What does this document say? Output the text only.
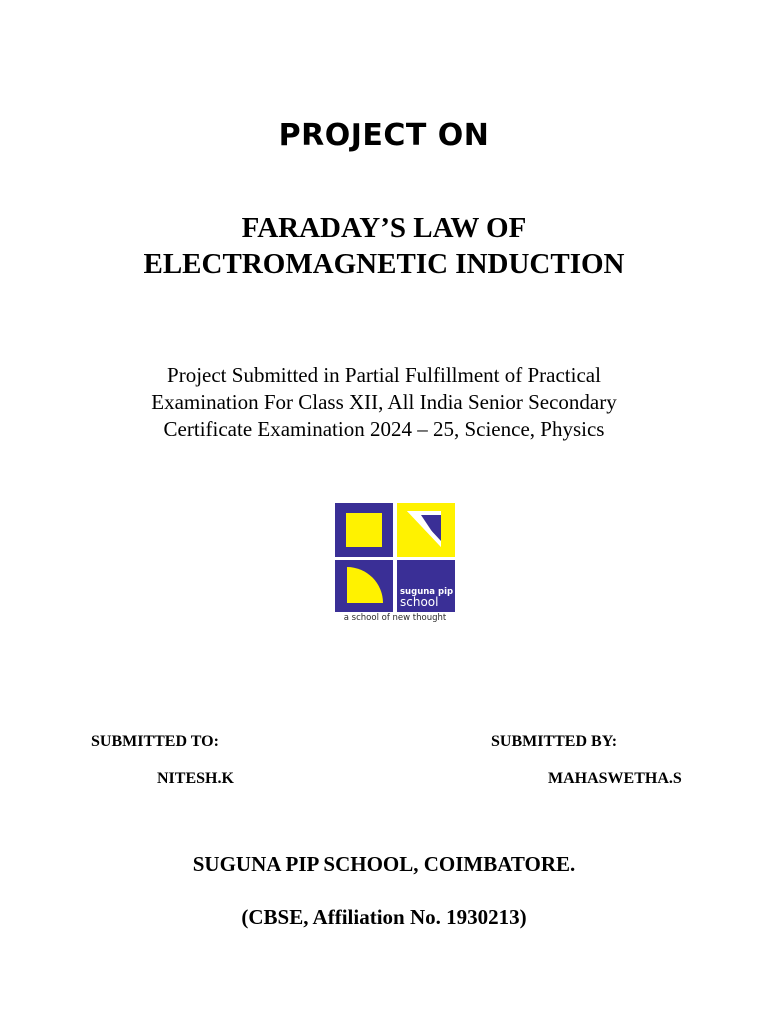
PROJECT ON
FARADAY’S LAW OF
ELECTROMAGNETIC INDUCTION
Project Submitted in Partial Fulfillment of Practical
Examination For Class XII, All India Senior Secondary
Certificate Examination 2024 – 25, Science, Physics
suguna pip
school
a school of new thought
SUBMITTED TO:	SUBMITTED BY:
NITESH.K	MAHASWETHA.S
SUGUNA PIP SCHOOL, COIMBATORE.
(CBSE, Affiliation No. 1930213)
